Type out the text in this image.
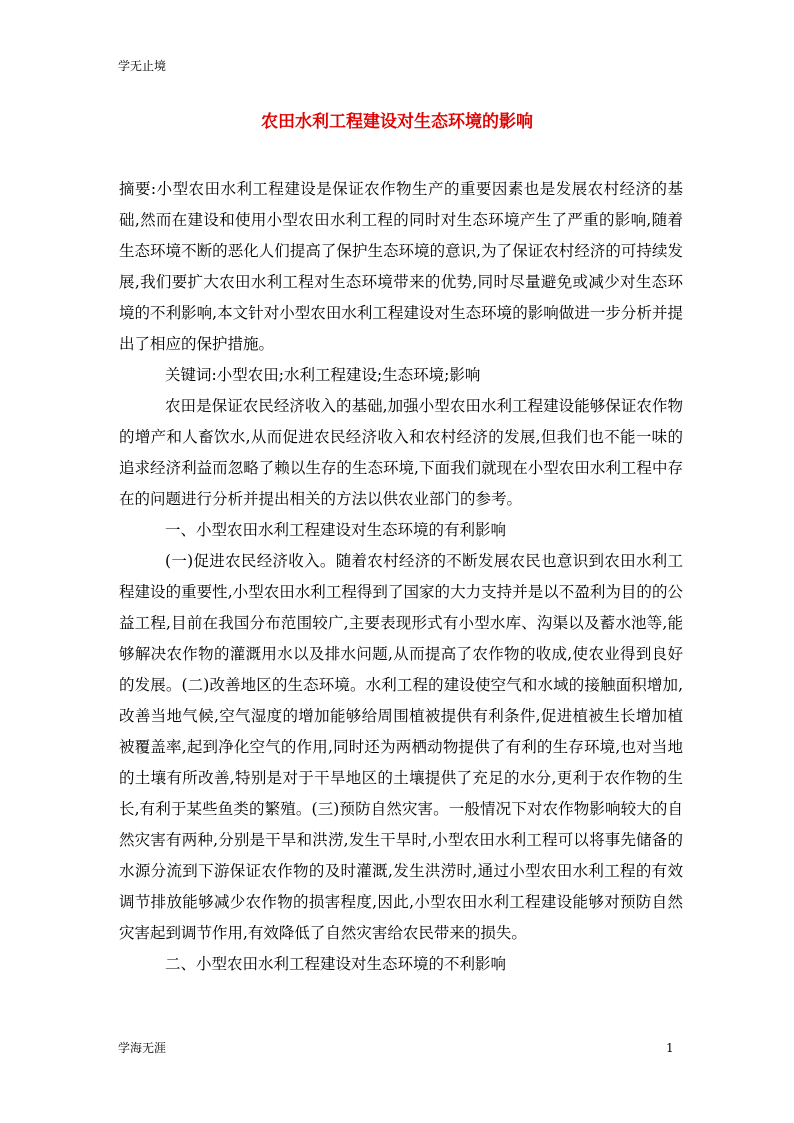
学无止境
农田水利工程建设对生态环境的影响

摘要:小型农田水利工程建设是保证农作物生产的重要因素也是发展农村经济的基础,然而在建设和使用小型农田水利工程的同时对生态环境产生了严重的影响,随着生态环境不断的恶化人们提高了保护生态环境的意识,为了保证农村经济的可持续发展,我们要扩大农田水利工程对生态环境带来的优势,同时尽量避免或减少对生态环境的不利影响,本文针对小型农田水利工程建设对生态环境的影响做进一步分析并提出了相应的保护措施。

关键词:小型农田;水利工程建设;生态环境;影响

农田是保证农民经济收入的基础,加强小型农田水利工程建设能够保证农作物的增产和人畜饮水,从而促进农民经济收入和农村经济的发展,但我们也不能一味的追求经济利益而忽略了赖以生存的生态环境,下面我们就现在小型农田水利工程中存在的问题进行分析并提出相关的方法以供农业部门的参考。

一、小型农田水利工程建设对生态环境的有利影响

(一)促进农民经济收入。随着农村经济的不断发展农民也意识到农田水利工程建设的重要性,小型农田水利工程得到了国家的大力支持并是以不盈利为目的的公益工程,目前在我国分布范围较广,主要表现形式有小型水库、沟渠以及蓄水池等,能够解决农作物的灌溉用水以及排水问题,从而提高了农作物的收成,使农业得到良好的发展。(二)改善地区的生态环境。水利工程的建设使空气和水域的接触面积增加,改善当地气候,空气湿度的增加能够给周围植被提供有利条件,促进植被生长增加植被覆盖率,起到净化空气的作用,同时还为两栖动物提供了有利的生存环境,也对当地的土壤有所改善,特别是对于干旱地区的土壤提供了充足的水分,更利于农作物的生长,有利于某些鱼类的繁殖。(三)预防自然灾害。一般情况下对农作物影响较大的自然灾害有两种,分别是干旱和洪涝,发生干旱时,小型农田水利工程可以将事先储备的水源分流到下游保证农作物的及时灌溉,发生洪涝时,通过小型农田水利工程的有效调节排放能够减少农作物的损害程度,因此,小型农田水利工程建设能够对预防自然灾害起到调节作用,有效降低了自然灾害给农民带来的损失。

二、小型农田水利工程建设对生态环境的不利影响

学海无涯	1
